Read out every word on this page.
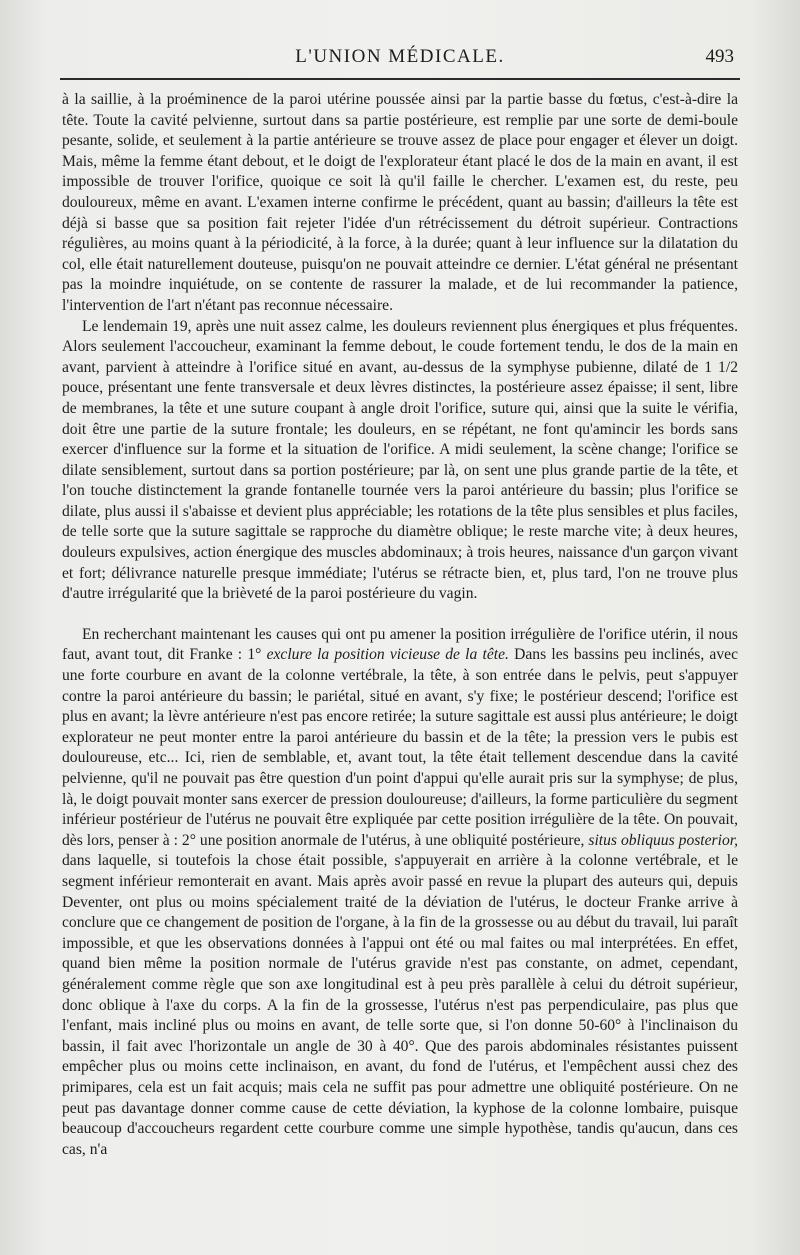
L'UNION MÉDICALE.	493

à la saillie, à la proéminence de la paroi utérine poussée ainsi par la partie basse du fœtus, c'est-à-dire la tête. Toute la cavité pelvienne, surtout dans sa partie postérieure, est remplie par une sorte de demi-boule pesante, solide, et seulement à la partie antérieure se trouve assez de place pour engager et élever un doigt. Mais, même la femme étant debout, et le doigt de l'explorateur étant placé le dos de la main en avant, il est impossible de trouver l'orifice, quoique ce soit là qu'il faille le chercher. L'examen est, du reste, peu douloureux, même en avant. L'examen interne confirme le précédent, quant au bassin; d'ailleurs la tête est déjà si basse que sa position fait rejeter l'idée d'un rétrécissement du détroit supérieur. Contractions régulières, au moins quant à la périodicité, à la force, à la durée; quant à leur influence sur la dilatation du col, elle était naturellement douteuse, puisqu'on ne pouvait atteindre ce dernier. L'état général ne présentant pas la moindre inquiétude, on se contente de rassurer la malade, et de lui recommander la patience, l'intervention de l'art n'étant pas reconnue nécessaire.

Le lendemain 19, après une nuit assez calme, les douleurs reviennent plus énergiques et plus fréquentes. Alors seulement l'accoucheur, examinant la femme debout, le coude fortement tendu, le dos de la main en avant, parvient à atteindre à l'orifice situé en avant, au-dessus de la symphyse pubienne, dilaté de 1 1/2 pouce, présentant une fente transversale et deux lèvres distinctes, la postérieure assez épaisse; il sent, libre de membranes, la tête et une suture coupant à angle droit l'orifice, suture qui, ainsi que la suite le vérifia, doit être une partie de la suture frontale; les douleurs, en se répétant, ne font qu'amincir les bords sans exercer d'influence sur la forme et la situation de l'orifice. A midi seulement, la scène change; l'orifice se dilate sensiblement, surtout dans sa portion postérieure; par là, on sent une plus grande partie de la tête, et l'on touche distinctement la grande fontanelle tournée vers la paroi antérieure du bassin; plus l'orifice se dilate, plus aussi il s'abaisse et devient plus appréciable; les rotations de la tête plus sensibles et plus faciles, de telle sorte que la suture sagittale se rapproche du diamètre oblique; le reste marche vite; à deux heures, douleurs expulsives, action énergique des muscles abdominaux; à trois heures, naissance d'un garçon vivant et fort; délivrance naturelle presque immédiate; l'utérus se rétracte bien, et, plus tard, l'on ne trouve plus d'autre irrégularité que la brièveté de la paroi postérieure du vagin.

En recherchant maintenant les causes qui ont pu amener la position irrégulière de l'orifice utérin, il nous faut, avant tout, dit Franke : 1° exclure la position vicieuse de la tête. Dans les bassins peu inclinés, avec une forte courbure en avant de la colonne vertébrale, la tête, à son entrée dans le pelvis, peut s'appuyer contre la paroi antérieure du bassin; le pariétal, situé en avant, s'y fixe; le postérieur descend; l'orifice est plus en avant; la lèvre antérieure n'est pas encore retirée; la suture sagittale est aussi plus antérieure; le doigt explorateur ne peut monter entre la paroi antérieure du bassin et de la tête; la pression vers le pubis est douloureuse, etc... Ici, rien de semblable, et, avant tout, la tête était tellement descendue dans la cavité pelvienne, qu'il ne pouvait pas être question d'un point d'appui qu'elle aurait pris sur la symphyse; de plus, là, le doigt pouvait monter sans exercer de pression douloureuse; d'ailleurs, la forme particulière du segment inférieur postérieur de l'utérus ne pouvait être expliquée par cette position irrégulière de la tête. On pouvait, dès lors, penser à : 2° une position anormale de l'utérus, à une obliquité postérieure, situs obliquus posterior, dans laquelle, si toutefois la chose était possible, s'appuyerait en arrière à la colonne vertébrale, et le segment inférieur remonterait en avant. Mais après avoir passé en revue la plupart des auteurs qui, depuis Deventer, ont plus ou moins spécialement traité de la déviation de l'utérus, le docteur Franke arrive à conclure que ce changement de position de l'organe, à la fin de la grossesse ou au début du travail, lui paraît impossible, et que les observations données à l'appui ont été ou mal faites ou mal interprétées. En effet, quand bien même la position normale de l'utérus gravide n'est pas constante, on admet, cependant, généralement comme règle que son axe longitudinal est à peu près parallèle à celui du détroit supérieur, donc oblique à l'axe du corps. A la fin de la grossesse, l'utérus n'est pas perpendiculaire, pas plus que l'enfant, mais incliné plus ou moins en avant, de telle sorte que, si l'on donne 50-60° à l'inclinaison du bassin, il fait avec l'horizontale un angle de 30 à 40°. Que des parois abdominales résistantes puissent empêcher plus ou moins cette inclinaison, en avant, du fond de l'utérus, et l'empêchent aussi chez des primipares, cela est un fait acquis; mais cela ne suffit pas pour admettre une obliquité postérieure. On ne peut pas davantage donner comme cause de cette déviation, la kyphose de la colonne lombaire, puisque beaucoup d'accoucheurs regardent cette courbure comme une simple hypothèse, tandis qu'aucun, dans ces cas, n'a
